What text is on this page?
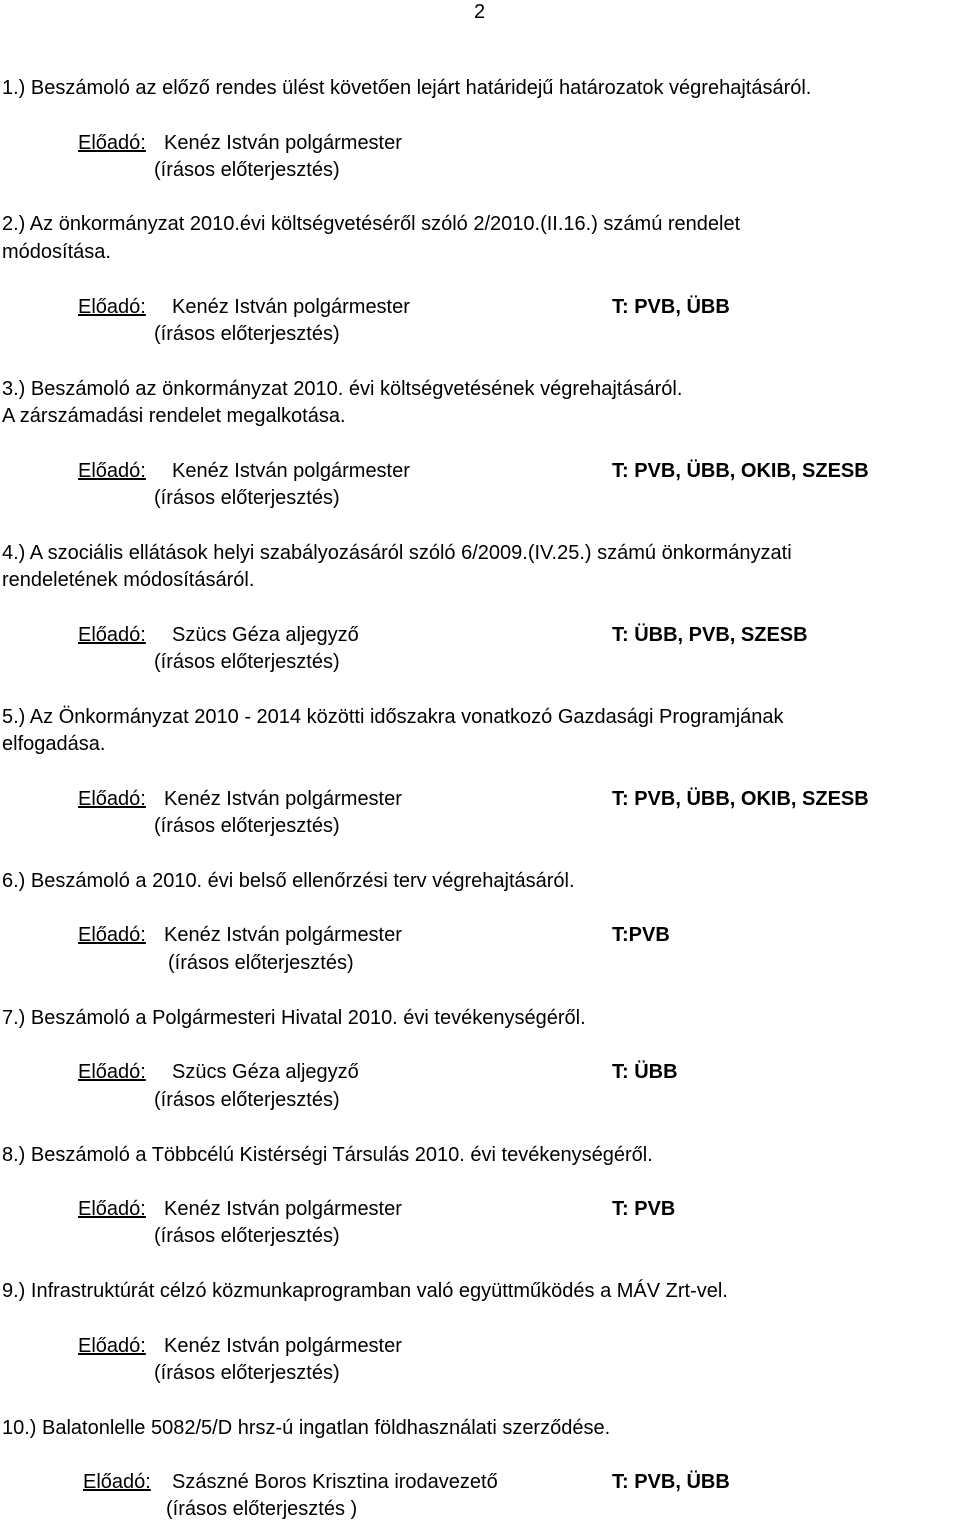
2
1.) Beszámoló az előző rendes ülést követően lejárt határidejű határozatok végrehajtásáról.
Előadó: Kenéz István polgármester
(írásos előterjesztés)
2.) Az önkormányzat 2010.évi költségvetéséről szóló 2/2010.(II.16.) számú rendelet
módosítása.
Előadó: Kenéz István polgármester	T: PVB, ÜBB
(írásos előterjesztés)
3.) Beszámoló az önkormányzat 2010. évi költségvetésének végrehajtásáról.
A zárszámadási rendelet megalkotása.
Előadó: Kenéz István polgármester	T: PVB, ÜBB, OKIB, SZESB
(írásos előterjesztés)
4.) A szociális ellátások helyi szabályozásáról szóló 6/2009.(IV.25.) számú önkormányzati
rendeletének módosításáról.
Előadó: Szücs Géza aljegyző	T: ÜBB, PVB, SZESB
(írásos előterjesztés)
5.) Az Önkormányzat 2010 - 2014 közötti időszakra vonatkozó Gazdasági Programjának
elfogadása.
Előadó: Kenéz István polgármester	T: PVB, ÜBB, OKIB, SZESB
(írásos előterjesztés)
6.) Beszámoló a 2010. évi belső ellenőrzési terv végrehajtásáról.
Előadó: Kenéz István polgármester	T:PVB
(írásos előterjesztés)
7.) Beszámoló a Polgármesteri Hivatal 2010. évi tevékenységéről.
Előadó: Szücs Géza aljegyző	T: ÜBB
(írásos előterjesztés)
8.) Beszámoló a Többcélú Kistérségi Társulás 2010. évi tevékenységéről.
Előadó: Kenéz István polgármester	T: PVB
(írásos előterjesztés)
9.) Infrastruktúrát célzó közmunkaprogramban való együttműködés a MÁV Zrt-vel.
Előadó: Kenéz István polgármester
(írásos előterjesztés)
10.) Balatonlelle 5082/5/D hrsz-ú ingatlan földhasználati szerződése.
Előadó: Szászné Boros Krisztina irodavezető	T: PVB, ÜBB
(írásos előterjesztés )
